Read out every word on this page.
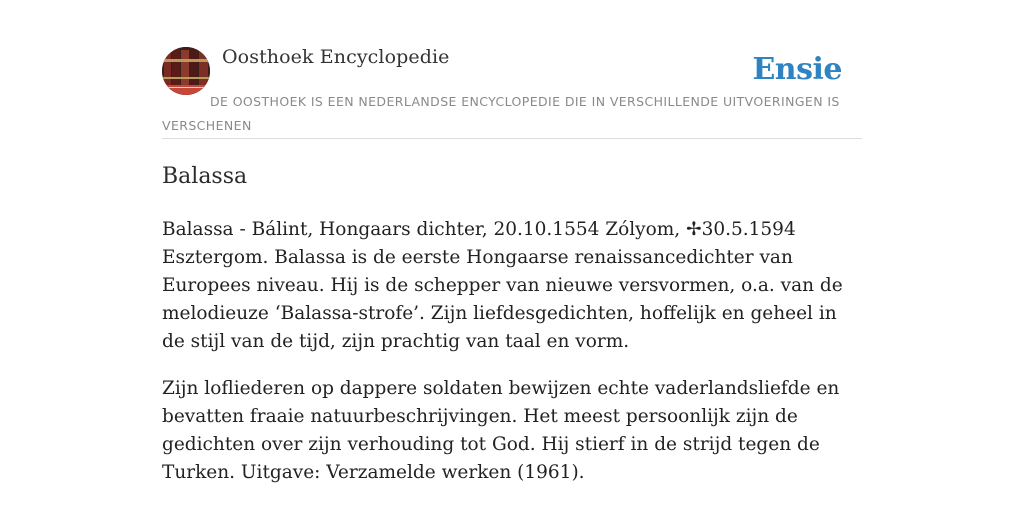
Oosthoek Encyclopedie	Ensie
DE OOSTHOEK IS EEN NEDERLANDSE ENCYCLOPEDIE DIE IN VERSCHILLENDE UITVOERINGEN IS VERSCHENEN
Balassa

Balassa - Bálint, Hongaars dichter, 20.10.1554 Zólyom, ✢30.5.1594 Esztergom. Balassa is de eerste Hongaarse renaissancedichter van Europees niveau. Hij is de schepper van nieuwe versvormen, o.a. van de melodieuze ‘Balassa-strofe’. Zijn liefdesgedichten, hoffelijk en geheel in de stijl van de tijd, zijn prachtig van taal en vorm.

Zijn lofliederen op dappere soldaten bewijzen echte vaderlandsliefde en bevatten fraaie natuurbeschrijvingen. Het meest persoonlijk zijn de gedichten over zijn verhouding tot God. Hij stierf in de strijd tegen de Turken. Uitgave: Verzamelde werken (1961).
